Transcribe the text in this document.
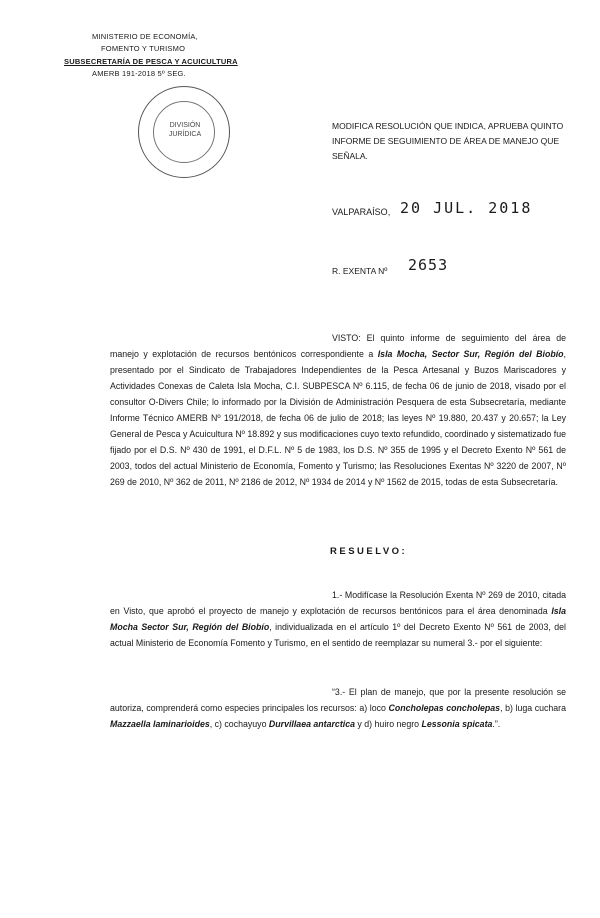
MINISTERIO DE ECONOMÍA,
FOMENTO Y TURISMO
SUBSECRETARÍA DE PESCA Y ACUICULTURA
AMERB 191-2018 5º SEG.
DIVISIÓN
JURÍDICA
MODIFICA RESOLUCIÓN QUE INDICA, APRUEBA QUINTO INFORME DE SEGUIMIENTO DE ÁREA DE MANEJO QUE SEÑALA.
VALPARAÍSO, 20 JUL. 2018
R. EXENTA Nº 2653
VISTO: El quinto informe de seguimiento del área de manejo y explotación de recursos bentónicos correspondiente a Isla Mocha, Sector Sur, Región del Biobío, presentado por el Sindicato de Trabajadores Independientes de la Pesca Artesanal y Buzos Mariscadores y Actividades Conexas de Caleta Isla Mocha, C.I. SUBPESCA Nº 6.115, de fecha 06 de junio de 2018, visado por el consultor O-Divers Chile; lo informado por la División de Administración Pesquera de esta Subsecretaría, mediante Informe Técnico AMERB Nº 191/2018, de fecha 06 de julio de 2018; las leyes Nº 19.880, 20.437 y 20.657; la Ley General de Pesca y Acuicultura Nº 18.892 y sus modificaciones cuyo texto refundido, coordinado y sistematizado fue fijado por el D.S. Nº 430 de 1991, el D.F.L. Nº 5 de 1983, los D.S. Nº 355 de 1995 y el Decreto Exento Nº 561 de 2003, todos del actual Ministerio de Economía, Fomento y Turismo; las Resoluciones Exentas Nº 3220 de 2007, Nº 269 de 2010, Nº 362 de 2011, Nº 2186 de 2012, Nº 1934 de 2014 y Nº 1562 de 2015, todas de esta Subsecretaría.
RESUELVO:
1.- Modifícase la Resolución Exenta Nº 269 de 2010, citada en Visto, que aprobó el proyecto de manejo y explotación de recursos bentónicos para el área denominada Isla Mocha Sector Sur, Región del Biobío, individualizada en el artículo 1º del Decreto Exento Nº 561 de 2003, del actual Ministerio de Economía Fomento y Turismo, en el sentido de reemplazar su numeral 3.- por el siguiente:
“3.- El plan de manejo, que por la presente resolución se autoriza, comprenderá como especies principales los recursos: a) loco Concholepas concholepas, b) luga cuchara Mazzaella laminarioides, c) cochayuyo Durvillaea antarctica y d) huiro negro Lessonia spicata.”.
